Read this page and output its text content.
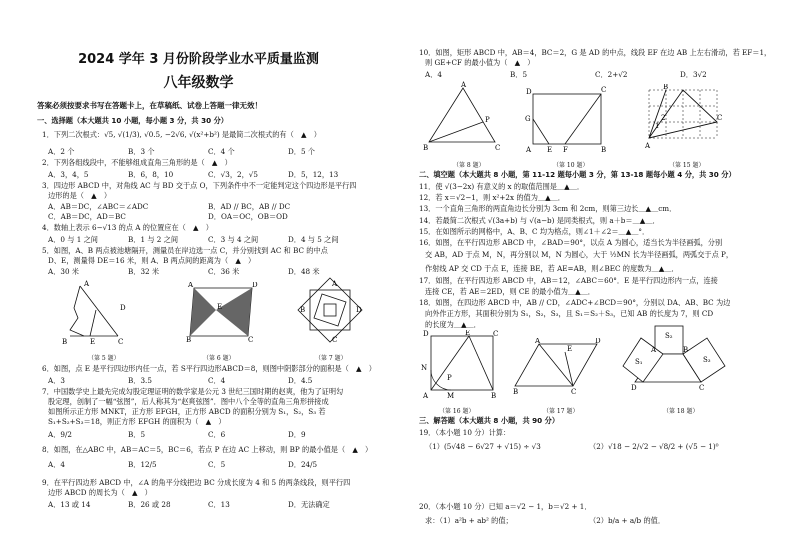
2024 学年 3 月份阶段学业水平质量监测
八年级数学
答案必须按要求书写在答题卡上，在草稿纸、试卷上答题一律无效！
一、选择题（本大题共 10 小题，每小题 3 分，共 30 分）
1．下列二次根式：√5, √(1/3), √0.5, −2√6, √(x²+b²) 是最简二次根式的有（　▲　）
A．2 个	B．3 个	C．4 个	D．5 个
2．下列各组线段中，不能够组成直角三角形的是（　▲　）
A．3，4，5	B．6，8，10	C．√3，2，√5	D．5，12，13
3．四边形 ABCD 中，对角线 AC 与 BD 交于点 O，下列条件中不一定能判定这个四边形是平行四
边形的是（　▲　）
A．AB＝DC，∠ABC＝∠ADC	B．AD // BC，AB // DC
C．AB＝DC，AD＝BC	D．OA＝OC，OB＝OD
4．数轴上表示 6−√13 的点 A 的位置应在（　▲　）
A．0 与 1 之间	B．1 与 2 之间	C．3 与 4 之间	D．4 与 5 之间
5．如图，A、B 两点被池塘隔开，测量员在岸边选一点 C，并分别找到 AC 和 BC 的中点
D、E，测量得 DE＝16 米，则 A、B 两点间的距离为（　▲　）
A．30 米	B．32 米	C．36 米	D．48 米
A
D
B	E	C
A	D
B	C
E
A
D
B
C
（第 5 题）	（第 6 题）	（第 7 题）
6．如图，点 E 是平行四边形内任一点，若 S平行四边形ABCD＝8，则图中阴影部分的面积是（　▲　）
A．3	B．3.5	C．4	D．4.5
7．中国数学史上最先完成勾股定理证明的数学家是公元 3 世纪三国时期的赵爽，他为了证明勾
股定理，创制了一幅“弦图”，后人称其为“赵爽弦图”．图中八个全等的直角三角形拼接成
如图所示正方形 MNKT，正方形 EFGH，正方形 ABCD 的面积分别为 S₁，S₂，S₃ 若
S₁+S₂+S₃＝18，则正方形 EFGH 的面积为（　▲　）
A．9/2	B．5	C．6	D．9
8．如图，在△ABC 中，AB＝AC＝5，BC＝6，若点 P 在边 AC 上移动，则 BP 的最小值是（　▲　）
A．4	B．12/5	C．5	D．24/5
9．在平行四边形 ABCD 中，∠A 的角平分线把边 BC 分成长度为 4 和 5 的两条线段，则平行四
边形 ABCD 的周长为（　▲　）
A．13 或 14	B．26 或 28	C．13	D．无法确定
10．如图，矩形 ABCD 中，AB＝4，BC＝2，G 是 AD 的中点，线段 EF 在边 AB 上左右滑动，若 EF＝1，
则 GE+CF 的最小值为（　▲　）
A．4	B．5	C．2+√2	D．3√2
A
P
B	C
D	C
G
A E F	B	A
B
C
1
2
（第 8 题）	（第 10 题）	（第 15 题）
二、填空题（本大题共 8 小题，第 11-12 题每小题 3 分，第 13-18 题每小题 4 分，共 30 分）
11．使 √(3−2x) 有意义的 x 的取值范围是＿▲＿．
12．若 x＝√2−1，则 x²+2x 的值为＿▲＿．
13．一个直角三角形的两直角边长分别为 3cm 和 2cm，则第三边长＿▲＿cm．
14．若最简二次根式 √(3a+b) 与 √(a−b) 是同类根式，则 a＋b＝＿▲＿．
15．在如图所示的网格中，A、B、C 均为格点，则∠1＋∠2＝＿▲＿°．
16．如图，在平行四边形 ABCD 中，∠BAD＝90°，以点 A 为圆心，适当长为半径画弧，分别
交 AB，AD 于点 M，N，再分别以 M，N 为圆心，大于 ½MN 长为半径画弧，两弧交于点 P，
作射线 AP 交 CD 于点 E，连接 BE，若 AE=AB，则∠BEC 的度数为＿▲＿．
17．如图，在平行四边形 ABCD 中，AB＝12，∠ABC＝60°．E 是平行四边形内一点，连接
连接 CE，若 AE＝2ED，则 CE 的最小值为＿▲＿．
18．如图，在四边形 ABCD 中，AB // CD，∠ADC+∠BCD＝90°，分别以 DA、AB、BC 为边
向外作正方形，其面积分别为 S₁，S₂，S₃，且 S₁＝S₂＋S₃，已知 AB 的长度为 7，则 CD
的长度为＿▲＿．
D	E	C
N
P
A	M	B
A
E
D
B	C
S₂
S₁	S₃
A	B
D	C
（第 16 题）	（第 17 题）	（第 18 题）
三、解答题（本大题共 8 小题，共 90 分）
19．（本小题 10 分）计算：
（1）(5√48 − 6√27 + √15) ÷ √3	（2）√18 − 2/√2 − √8/2 + (√5 − 1)⁰
20．（本小题 10 分）已知 a＝√2 − 1，b＝√2 + 1．
求：（1）a²b + ab² 的值；	（2）b/a + a/b 的值．
